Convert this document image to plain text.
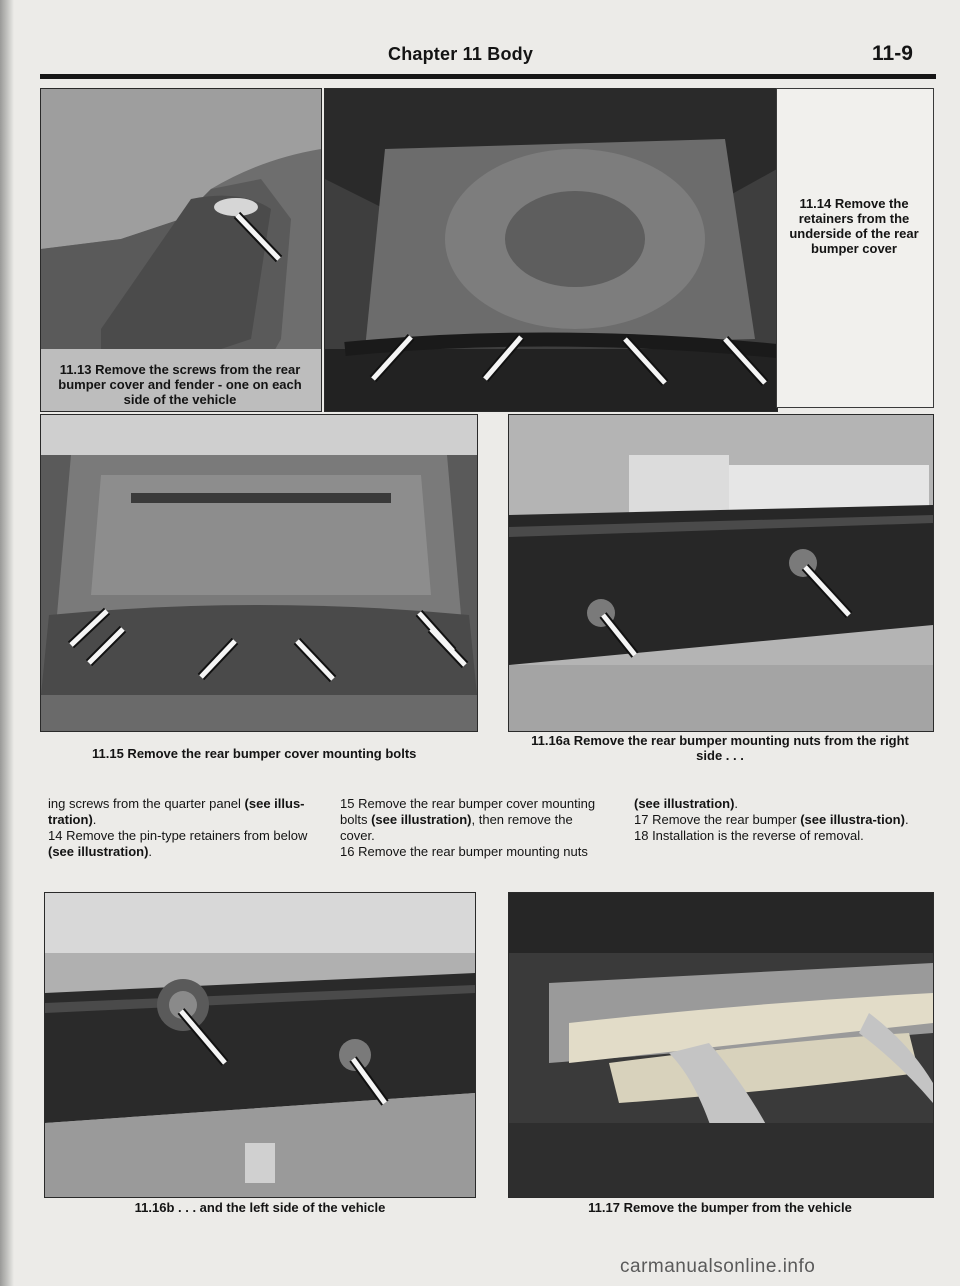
Chapter 11 Body	11-9
11.13 Remove the screws from the rear bumper cover and fender - one on each side of the vehicle
11.14 Remove the retainers from the underside of the rear bumper cover
11.15 Remove the rear bumper cover mounting bolts
11.16a Remove the rear bumper mounting nuts from the right side . . .

ing screws from the quarter panel (see illus-tration).

14 Remove the pin-type retainers from below (see illustration).

15 Remove the rear bumper cover mounting bolts (see illustration), then remove the cover.

16 Remove the rear bumper mounting nuts

(see illustration).

17 Remove the rear bumper (see illustra-tion).

18 Installation is the reverse of removal.

11.16b . . . and the left side of the vehicle	11.17 Remove the bumper from the vehicle
carmanualsonline.info
